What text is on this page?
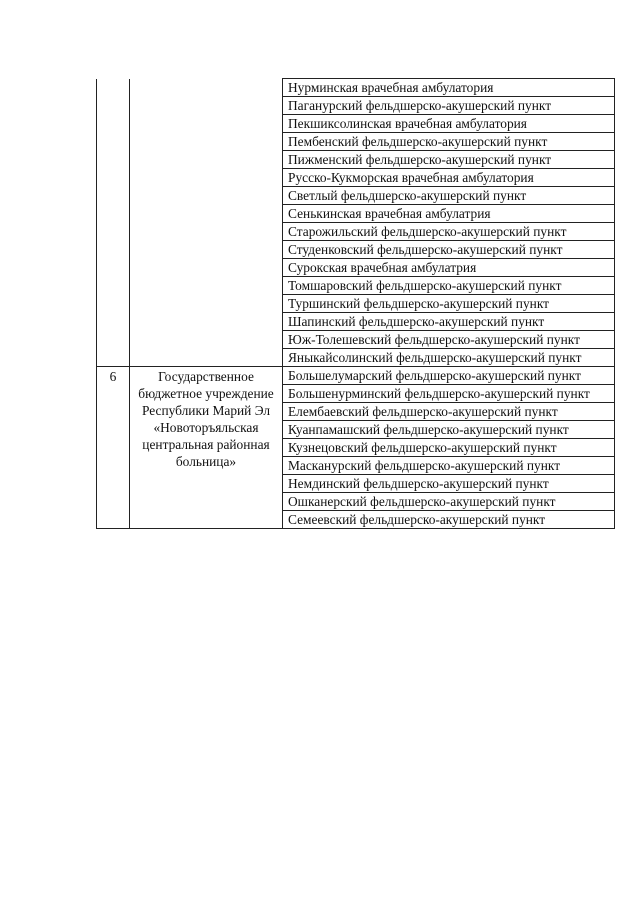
		Нурминская врачебная амбулатория
		Паганурский фельдшерско-акушерский пункт
		Пекшиксолинская врачебная амбулатория
		Пембенский фельдшерско-акушерский пункт
		Пижменский фельдшерско-акушерский пункт
		Русско-Кукморская врачебная амбулатория
		Светлый фельдшерско-акушерский пункт
		Сенькинская врачебная амбулатрия
		Старожильский фельдшерско-акушерский пункт
		Студенковский фельдшерско-акушерский пункт
		Сурокская врачебная амбулатрия
		Томшаровский фельдшерско-акушерский пункт
		Туршинский фельдшерско-акушерский пункт
		Шапинский фельдшерско-акушерский пункт
		Юж-Толешевский фельдшерско-акушерский пункт
		Яныкайсолинский фельдшерско-акушерский пункт
6	Государственное бюджетное учреждение Республики Марий Эл «Новоторъяльская центральная районная больница»	Большелумарский фельдшерско-акушерский пункт
		Большенурминский фельдшерско-акушерский пункт
		Елембаевский фельдшерско-акушерский пункт
		Куанпамашский фельдшерско-акушерский пункт
		Кузнецовский фельдшерско-акушерский пункт
		Масканурский фельдшерско-акушерский пункт
		Немдинский фельдшерско-акушерский пункт
		Ошканерский фельдшерско-акушерский пункт
		Семеевский фельдшерско-акушерский пункт
